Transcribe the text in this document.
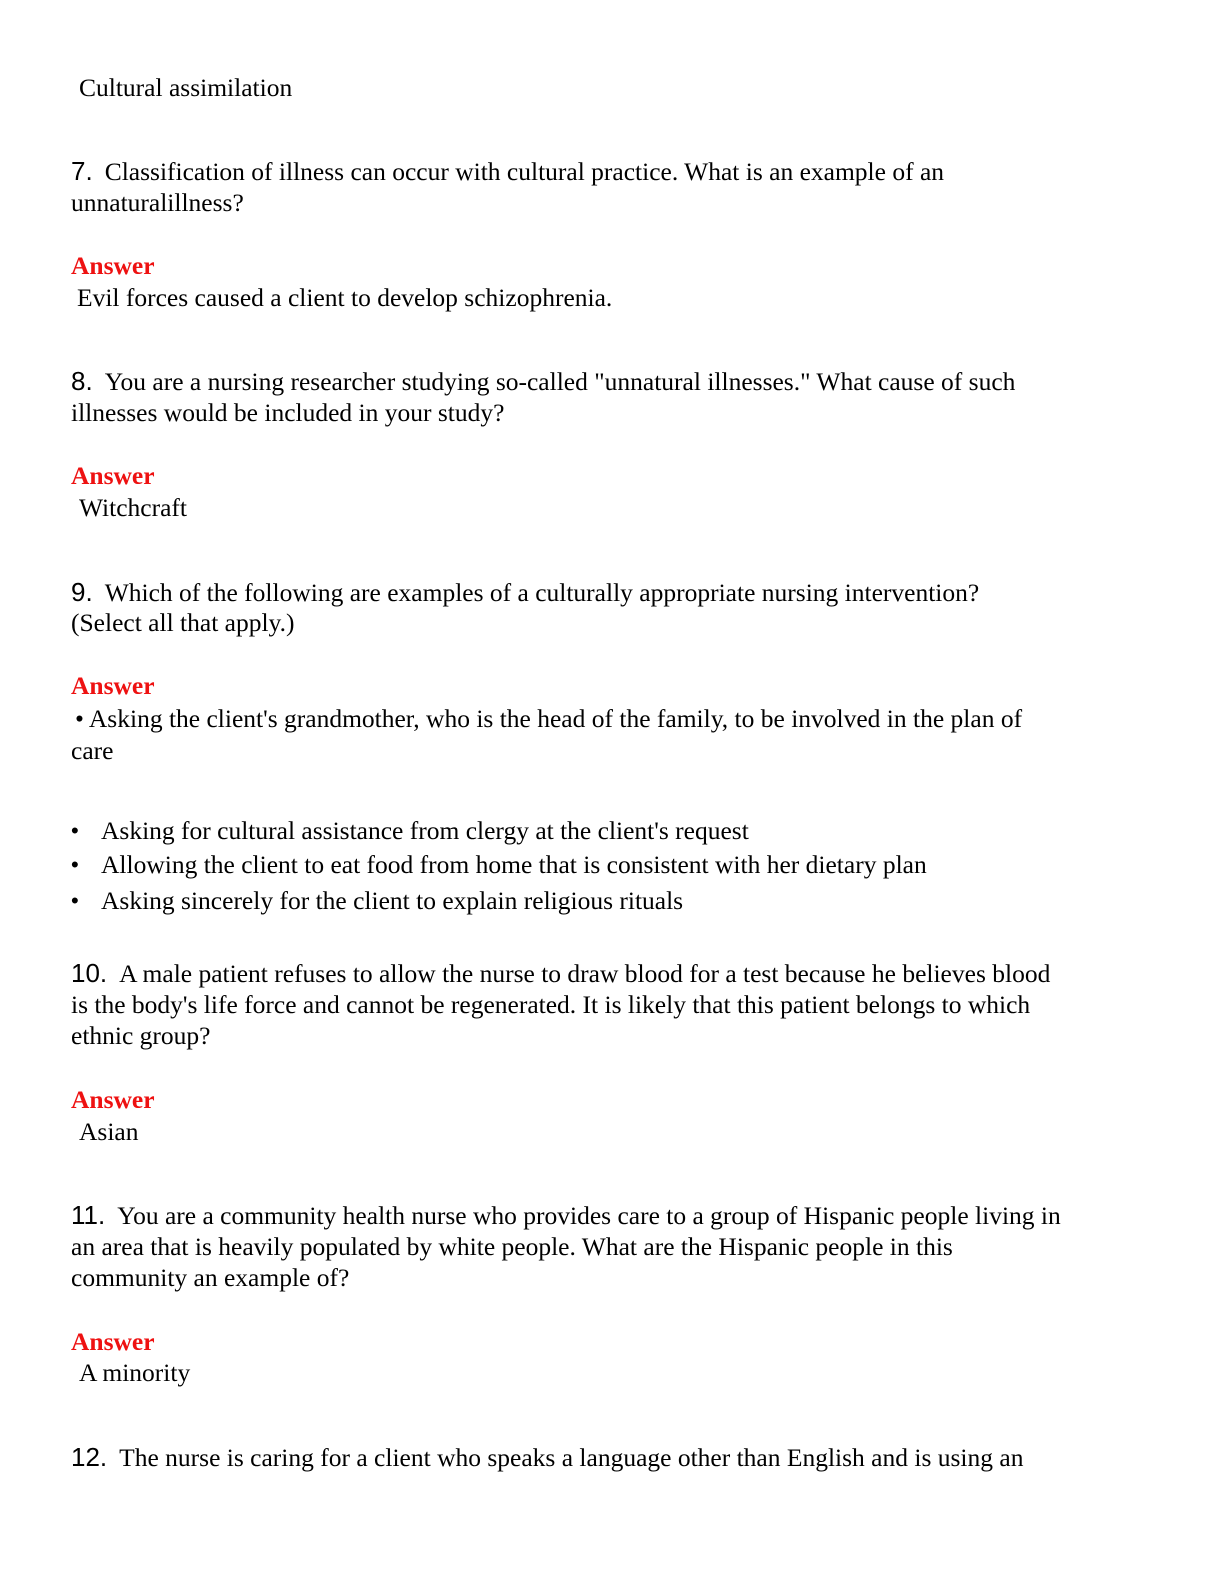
Cultural assimilation
7. Classification of illness can occur with cultural practice. What is an example of an
unnaturalillness?
Answer
Evil forces caused a client to develop schizophrenia.
8. You are a nursing researcher studying so-called "unnatural illnesses." What cause of such
illnesses would be included in your study?
Answer
Witchcraft
9. Which of the following are examples of a culturally appropriate nursing intervention?
(Select all that apply.)
Answer
• Asking the client's grandmother, who is the head of the family, to be involved in the plan of
care
• Asking for cultural assistance from clergy at the client's request
• Allowing the client to eat food from home that is consistent with her dietary plan
• Asking sincerely for the client to explain religious rituals
10. A male patient refuses to allow the nurse to draw blood for a test because he believes blood
is the body's life force and cannot be regenerated. It is likely that this patient belongs to which
ethnic group?
Answer
Asian
11. You are a community health nurse who provides care to a group of Hispanic people living in
an area that is heavily populated by white people. What are the Hispanic people in this
community an example of?
Answer
A minority
12. The nurse is caring for a client who speaks a language other than English and is using an
